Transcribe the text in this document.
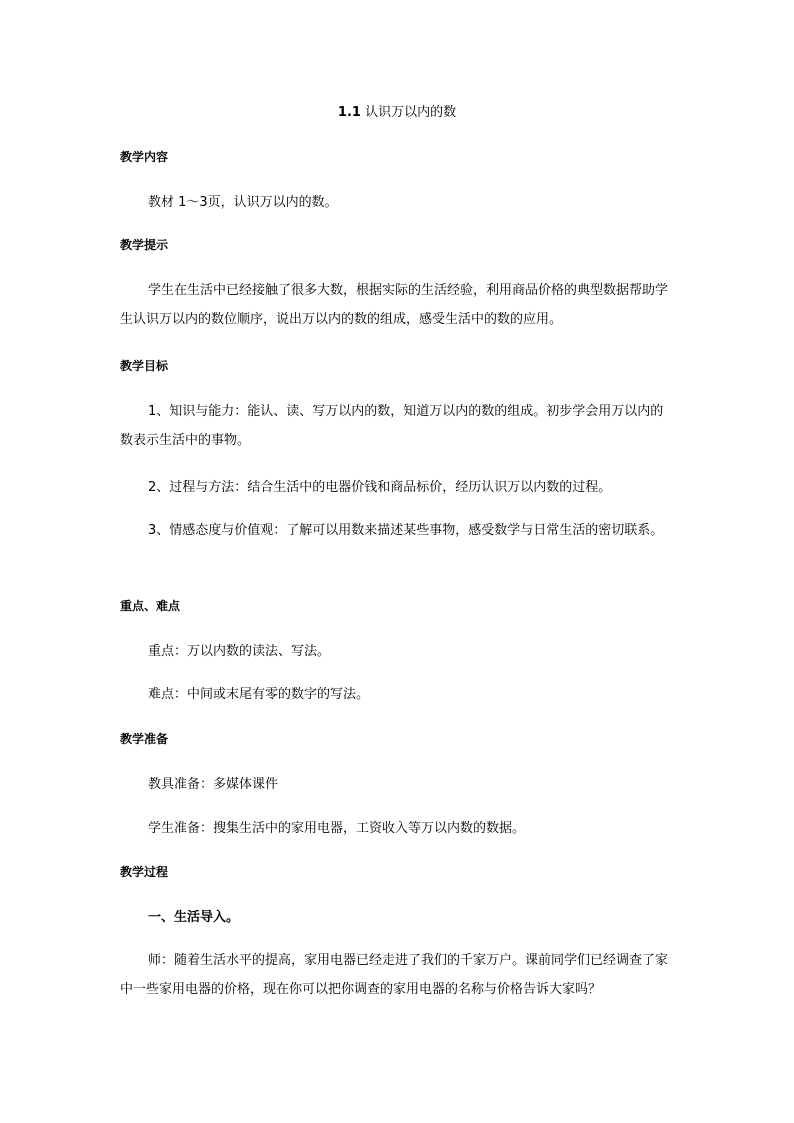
1.1 认识万以内的数
教学内容
教材 1～3页，认识万以内的数。
教学提示
学生在生活中已经接触了很多大数，根据实际的生活经验，利用商品价格的典型数据帮助学生认识万以内的数位顺序，说出万以内的数的组成，感受生活中的数的应用。
教学目标
1、知识与能力：能认、读、写万以内的数，知道万以内的数的组成。初步学会用万以内的数表示生活中的事物。
2、过程与方法：结合生活中的电器价钱和商品标价，经历认识万以内数的过程。
3、情感态度与价值观：了解可以用数来描述某些事物，感受数学与日常生活的密切联系。
重点、难点
重点：万以内数的读法、写法。
难点：中间或末尾有零的数字的写法。
教学准备
教具准备：多媒体课件
学生准备：搜集生活中的家用电器，工资收入等万以内数的数据。
教学过程
一、生活导入。
师：随着生活水平的提高，家用电器已经走进了我们的千家万户。课前同学们已经调查了家中一些家用电器的价格，现在你可以把你调查的家用电器的名称与价格告诉大家吗？
